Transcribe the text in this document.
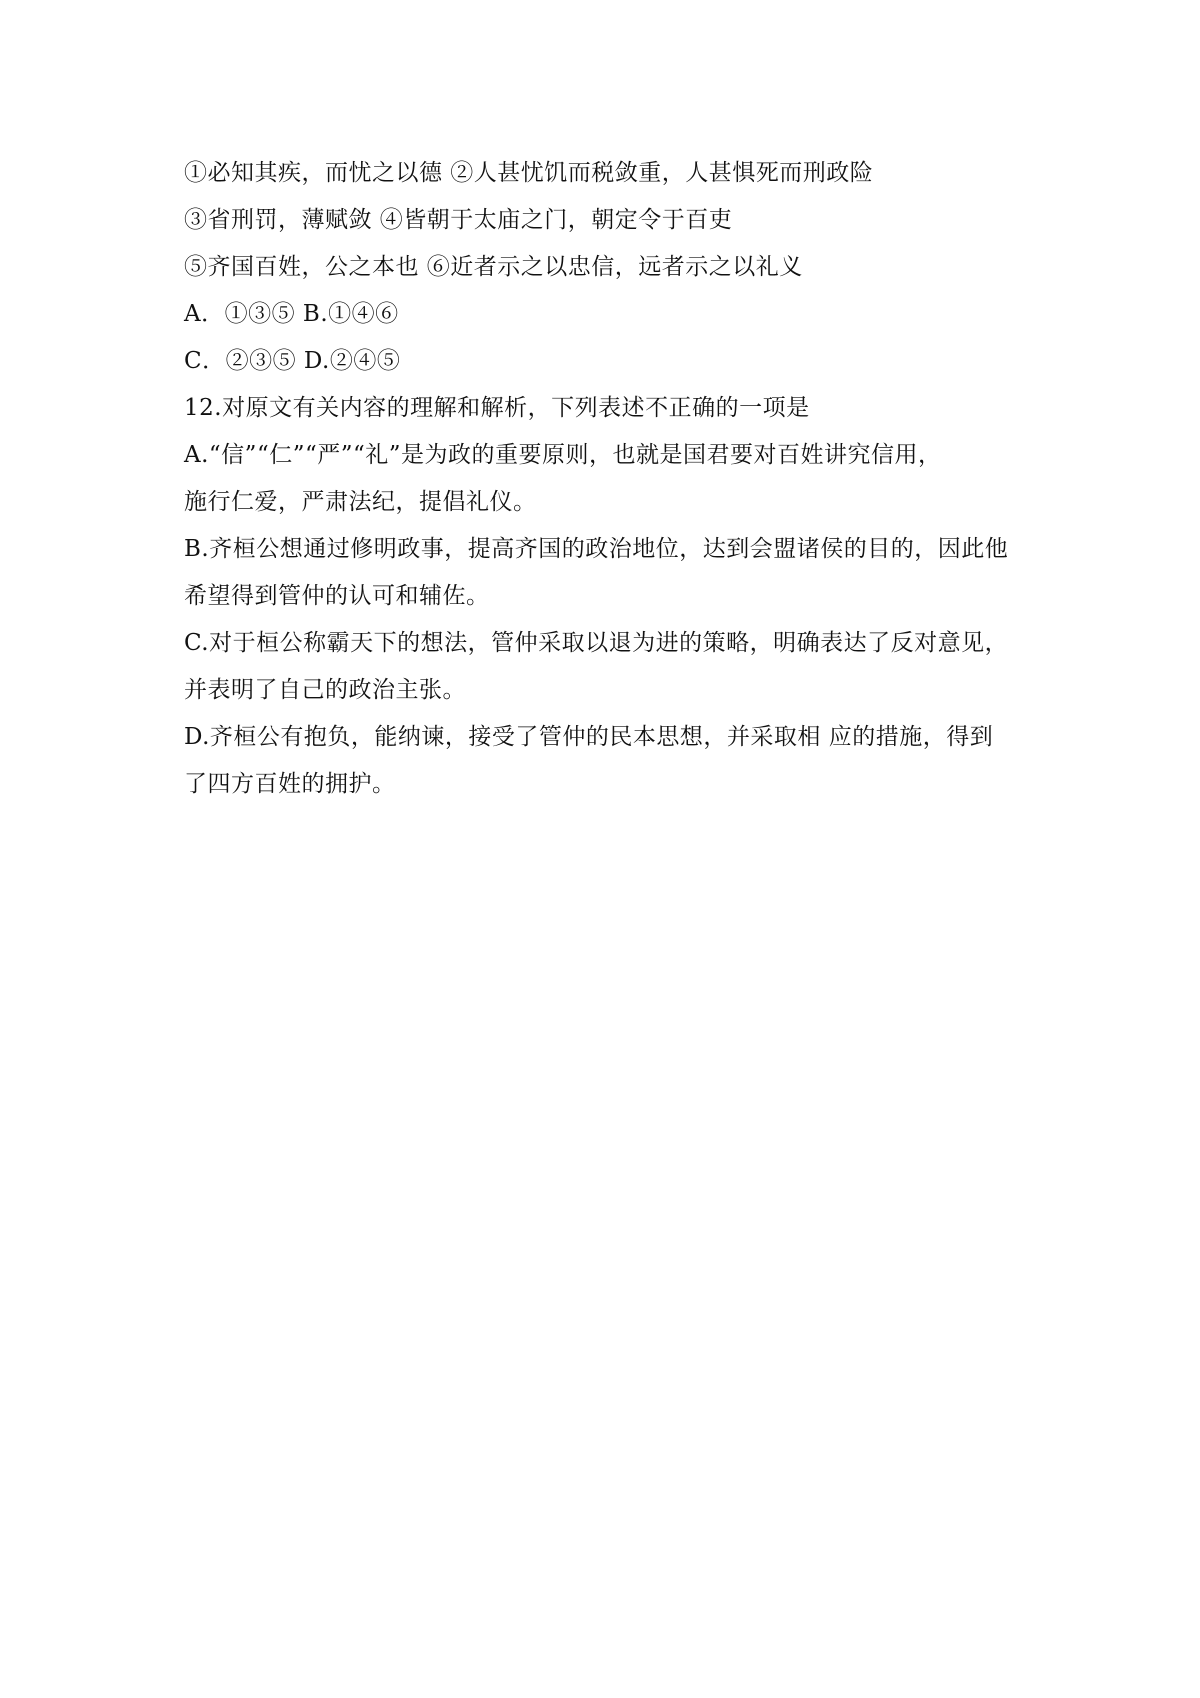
①必知其疾，而忧之以德 ②人甚忧饥而税敛重，人甚惧死而刑政险
③省刑罚，薄赋敛 ④皆朝于太庙之门，朝定令于百吏
⑤齐国百姓，公之本也 ⑥近者示之以忠信，远者示之以礼义
A．①③⑤ B.①④⑥
C．②③⑤ D.②④⑤
12.对原文有关内容的理解和解析，下列表述不正确的一项是
A.“信”“仁”“严”“礼”是为政的重要原则，也就是国君要对百姓讲究信用，
施行仁爱，严肃法纪，提倡礼仪。
B.齐桓公想通过修明政事，提高齐国的政治地位，达到会盟诸侯的目的，因此他
希望得到管仲的认可和辅佐。
C.对于桓公称霸天下的想法，管仲采取以退为进的策略，明确表达了反对意见，
并表明了自己的政治主张。
D.齐桓公有抱负，能纳谏，接受了管仲的民本思想，并采取相 应的措施，得到
了四方百姓的拥护。
